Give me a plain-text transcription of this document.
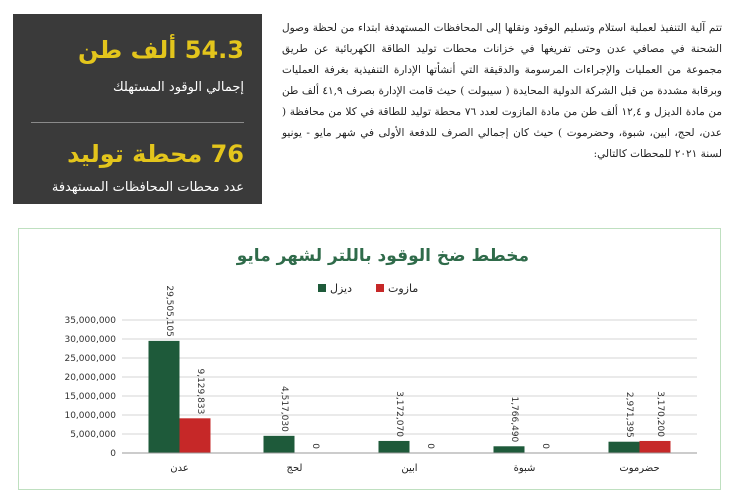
54.3 ألف طن
إجمالي الوقود المستهلك
76 محطة توليد
عدد محطات المحافظات المستهدفة
تتم آلية التنفيذ لعملية استلام وتسليم الوقود ونقلها إلى المحافظات المستهدفة ابتداء من لحظة وصول الشحنة في مصافي عدن وحتى تفريغها في خزانات محطات توليد الطاقة الكهربائية عن طريق مجموعة من العمليات والإجراءات المرسومة والدقيقة التي أنشأتها الإدارة التنفيذية بغرفة العمليات وبرقابة مشددة من قبل الشركة الدولية المحايدة ( سيبولت ) حيث قامت الإدارة بصرف ٤١,٩ ألف طن من مادة الديزل و ١٢,٤ ألف طن من مادة المازوت لعدد ٧٦ محطة توليد للطاقة في كلا من محافظة ( عدن، لحج، ابين، شبوة، وحضرموت ) حيث كان إجمالي الصرف للدفعة الأولى في شهر مايو - يونيو لسنة ٢٠٢١ للمحطات كالتالي:
مخطط ضخ الوقود باللتر لشهر مايو
0
5,000,000
10,000,000
15,000,000
20,000,000
25,000,000
30,000,000
35,000,000	29,505,105
9,129,833
عدن
4,517,030
0
لحج
3,172,070
0
ابين
1,766,490
0
شبوة
2,971,395 3,170,200
حضرموت
مازوت
ديزل
